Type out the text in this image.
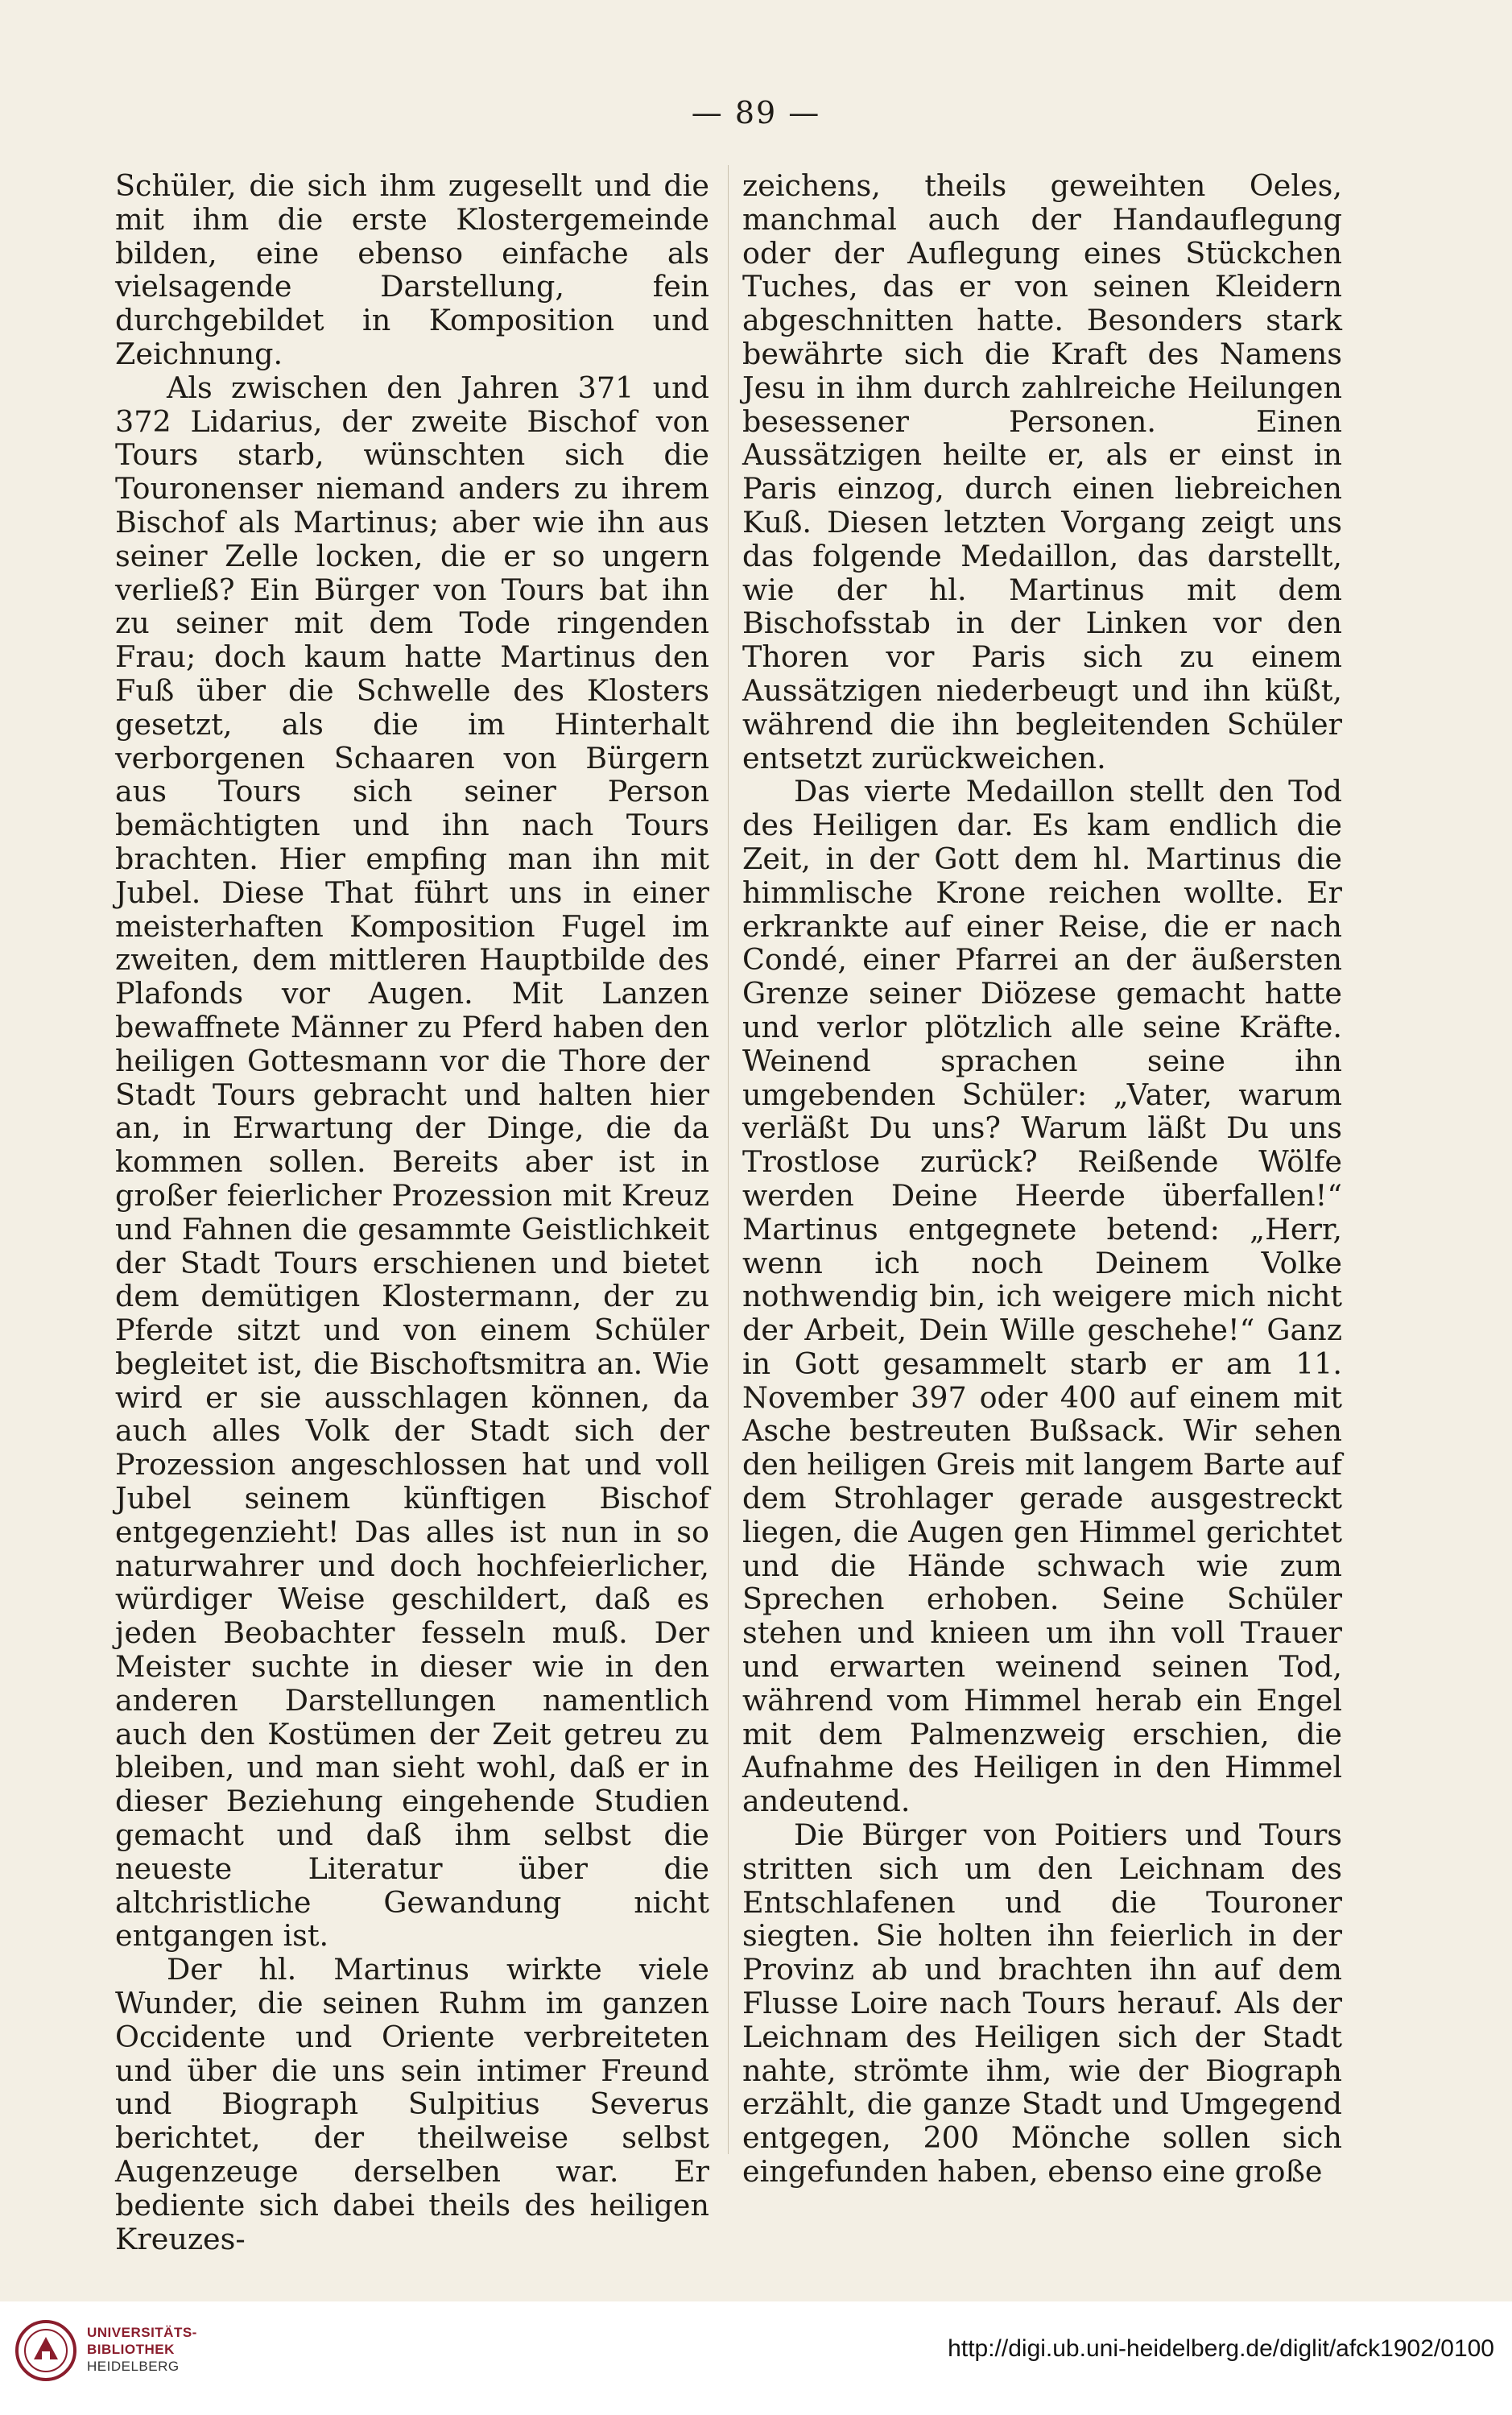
— 89 —

Schüler, die sich ihm zugesellt und die mit ihm die erste Klostergemeinde bilden, eine ebenso einfache als vielsagende Darstellung, fein durchgebildet in Komposition und Zeichnung.

Als zwischen den Jahren 371 und 372 Lidarius, der zweite Bischof von Tours starb, wünschten sich die Touronenser niemand anders zu ihrem Bischof als Martinus; aber wie ihn aus seiner Zelle locken, die er so ungern verließ? Ein Bürger von Tours bat ihn zu seiner mit dem Tode ringenden Frau; doch kaum hatte Martinus den Fuß über die Schwelle des Klosters gesetzt, als die im Hinterhalt verborgenen Schaaren von Bürgern aus Tours sich seiner Person bemächtigten und ihn nach Tours brachten. Hier empfing man ihn mit Jubel. Diese That führt uns in einer meisterhaften Komposition Fugel im zweiten, dem mittleren Hauptbilde des Plafonds vor Augen. Mit Lanzen bewaffnete Männer zu Pferd haben den heiligen Gottesmann vor die Thore der Stadt Tours gebracht und halten hier an, in Erwartung der Dinge, die da kommen sollen. Bereits aber ist in großer feierlicher Prozession mit Kreuz und Fahnen die gesammte Geistlichkeit der Stadt Tours erschienen und bietet dem demütigen Klostermann, der zu Pferde sitzt und von einem Schüler begleitet ist, die Bischoftsmitra an. Wie wird er sie ausschlagen können, da auch alles Volk der Stadt sich der Prozession angeschlossen hat und voll Jubel seinem künftigen Bischof entgegenzieht! Das alles ist nun in so naturwahrer und doch hochfeierlicher, würdiger Weise geschildert, daß es jeden Beobachter fesseln muß. Der Meister suchte in dieser wie in den anderen Darstellungen namentlich auch den Kostümen der Zeit getreu zu bleiben, und man sieht wohl, daß er in dieser Beziehung eingehende Studien gemacht und daß ihm selbst die neueste Literatur über die altchristliche Gewandung nicht entgangen ist.

Der hl. Martinus wirkte viele Wunder, die seinen Ruhm im ganzen Occidente und Oriente verbreiteten und über die uns sein intimer Freund und Biograph Sulpitius Severus berichtet, der theilweise selbst Augenzeuge derselben war. Er bediente sich dabei theils des heiligen Kreuzes-

zeichens, theils geweihten Oeles, manchmal auch der Handauflegung oder der Auflegung eines Stückchen Tuches, das er von seinen Kleidern abgeschnitten hatte. Besonders stark bewährte sich die Kraft des Namens Jesu in ihm durch zahlreiche Heilungen besessener Personen. Einen Aussätzigen heilte er, als er einst in Paris einzog, durch einen liebreichen Kuß. Diesen letzten Vorgang zeigt uns das folgende Medaillon, das darstellt, wie der hl. Martinus mit dem Bischofsstab in der Linken vor den Thoren vor Paris sich zu einem Aussätzigen niederbeugt und ihn küßt, während die ihn begleitenden Schüler entsetzt zurückweichen.

Das vierte Medaillon stellt den Tod des Heiligen dar. Es kam endlich die Zeit, in der Gott dem hl. Martinus die himmlische Krone reichen wollte. Er erkrankte auf einer Reise, die er nach Condé, einer Pfarrei an der äußersten Grenze seiner Diözese gemacht hatte und verlor plötzlich alle seine Kräfte. Weinend sprachen seine ihn umgebenden Schüler: „Vater, warum verläßt Du uns? Warum läßt Du uns Trostlose zurück? Reißende Wölfe werden Deine Heerde überfallen!“ Martinus entgegnete betend: „Herr, wenn ich noch Deinem Volke nothwendig bin, ich weigere mich nicht der Arbeit, Dein Wille geschehe!“ Ganz in Gott gesammelt starb er am 11. November 397 oder 400 auf einem mit Asche bestreuten Bußsack. Wir sehen den heiligen Greis mit langem Barte auf dem Strohlager gerade ausgestreckt liegen, die Augen gen Himmel gerichtet und die Hände schwach wie zum Sprechen erhoben. Seine Schüler stehen und knieen um ihn voll Trauer und erwarten weinend seinen Tod, während vom Himmel herab ein Engel mit dem Palmenzweig erschien, die Aufnahme des Heiligen in den Himmel andeutend.

Die Bürger von Poitiers und Tours stritten sich um den Leichnam des Entschlafenen und die Touroner siegten. Sie holten ihn feierlich in der Provinz ab und brachten ihn auf dem Flusse Loire nach Tours herauf. Als der Leichnam des Heiligen sich der Stadt nahte, strömte ihm, wie der Biograph erzählt, die ganze Stadt und Umgegend entgegen, 200 Mönche sollen sich eingefunden haben, ebenso eine große

UNIVERSITÄTS-
BIBLIOTHEK
HEIDELBERG
http://digi.ub.uni-heidelberg.de/diglit/afck1902/0100
